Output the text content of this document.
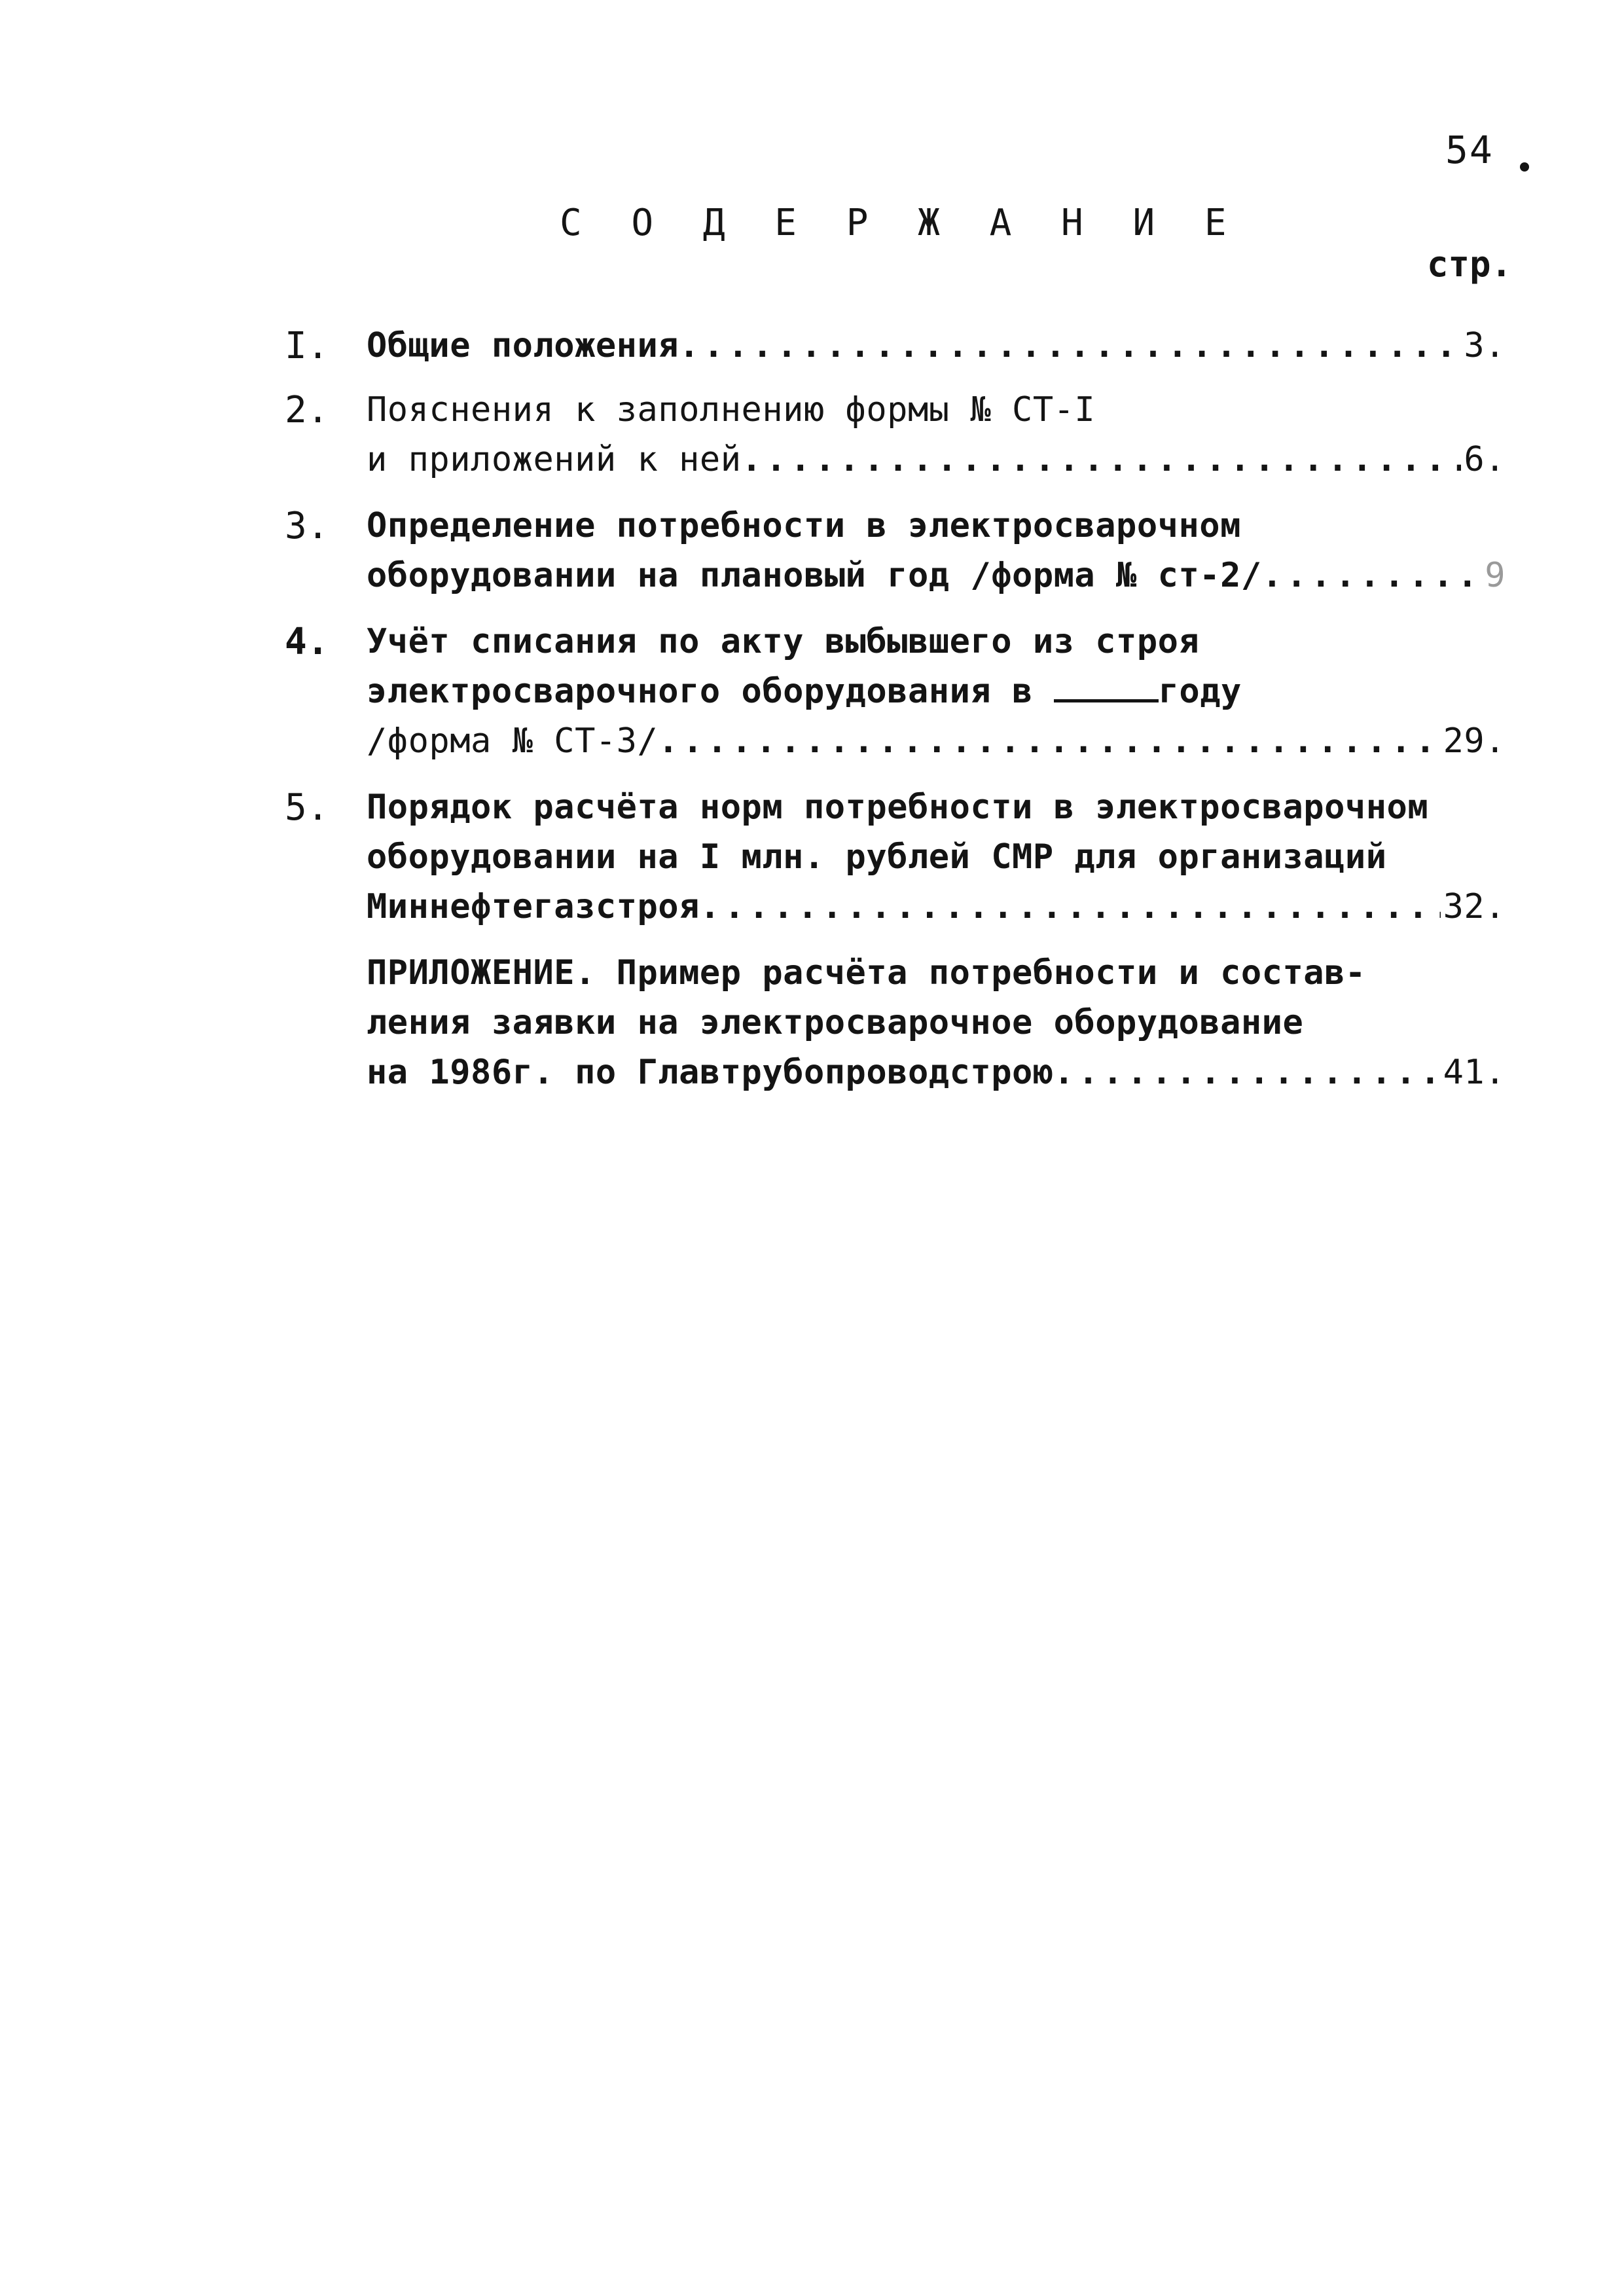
54
С О Д Е Р Ж А Н И Е
стр.
I. Общие положения .....	3.
2. Пояснения к заполнению формы № СТ-I
и приложений к ней .....	6.
3. Определение потребности в электросварочном
оборудовании на плановый год /форма № ст-2/ .....	9
4. Учёт списания по акту выбывшего из строя
электросварочного оборудования в	году
/форма № СТ-3/ .....	29.
5. Порядок расчёта норм потребности в электросварочном
оборудовании на I млн. рублей СМР для организаций
Миннефтегазстроя .....	32.
ПРИЛОЖЕНИЕ. Пример расчёта потребности и состав-
ления заявки на электросварочное оборудование
на 1986г. по Главтрубопроводстрою .....	41.
